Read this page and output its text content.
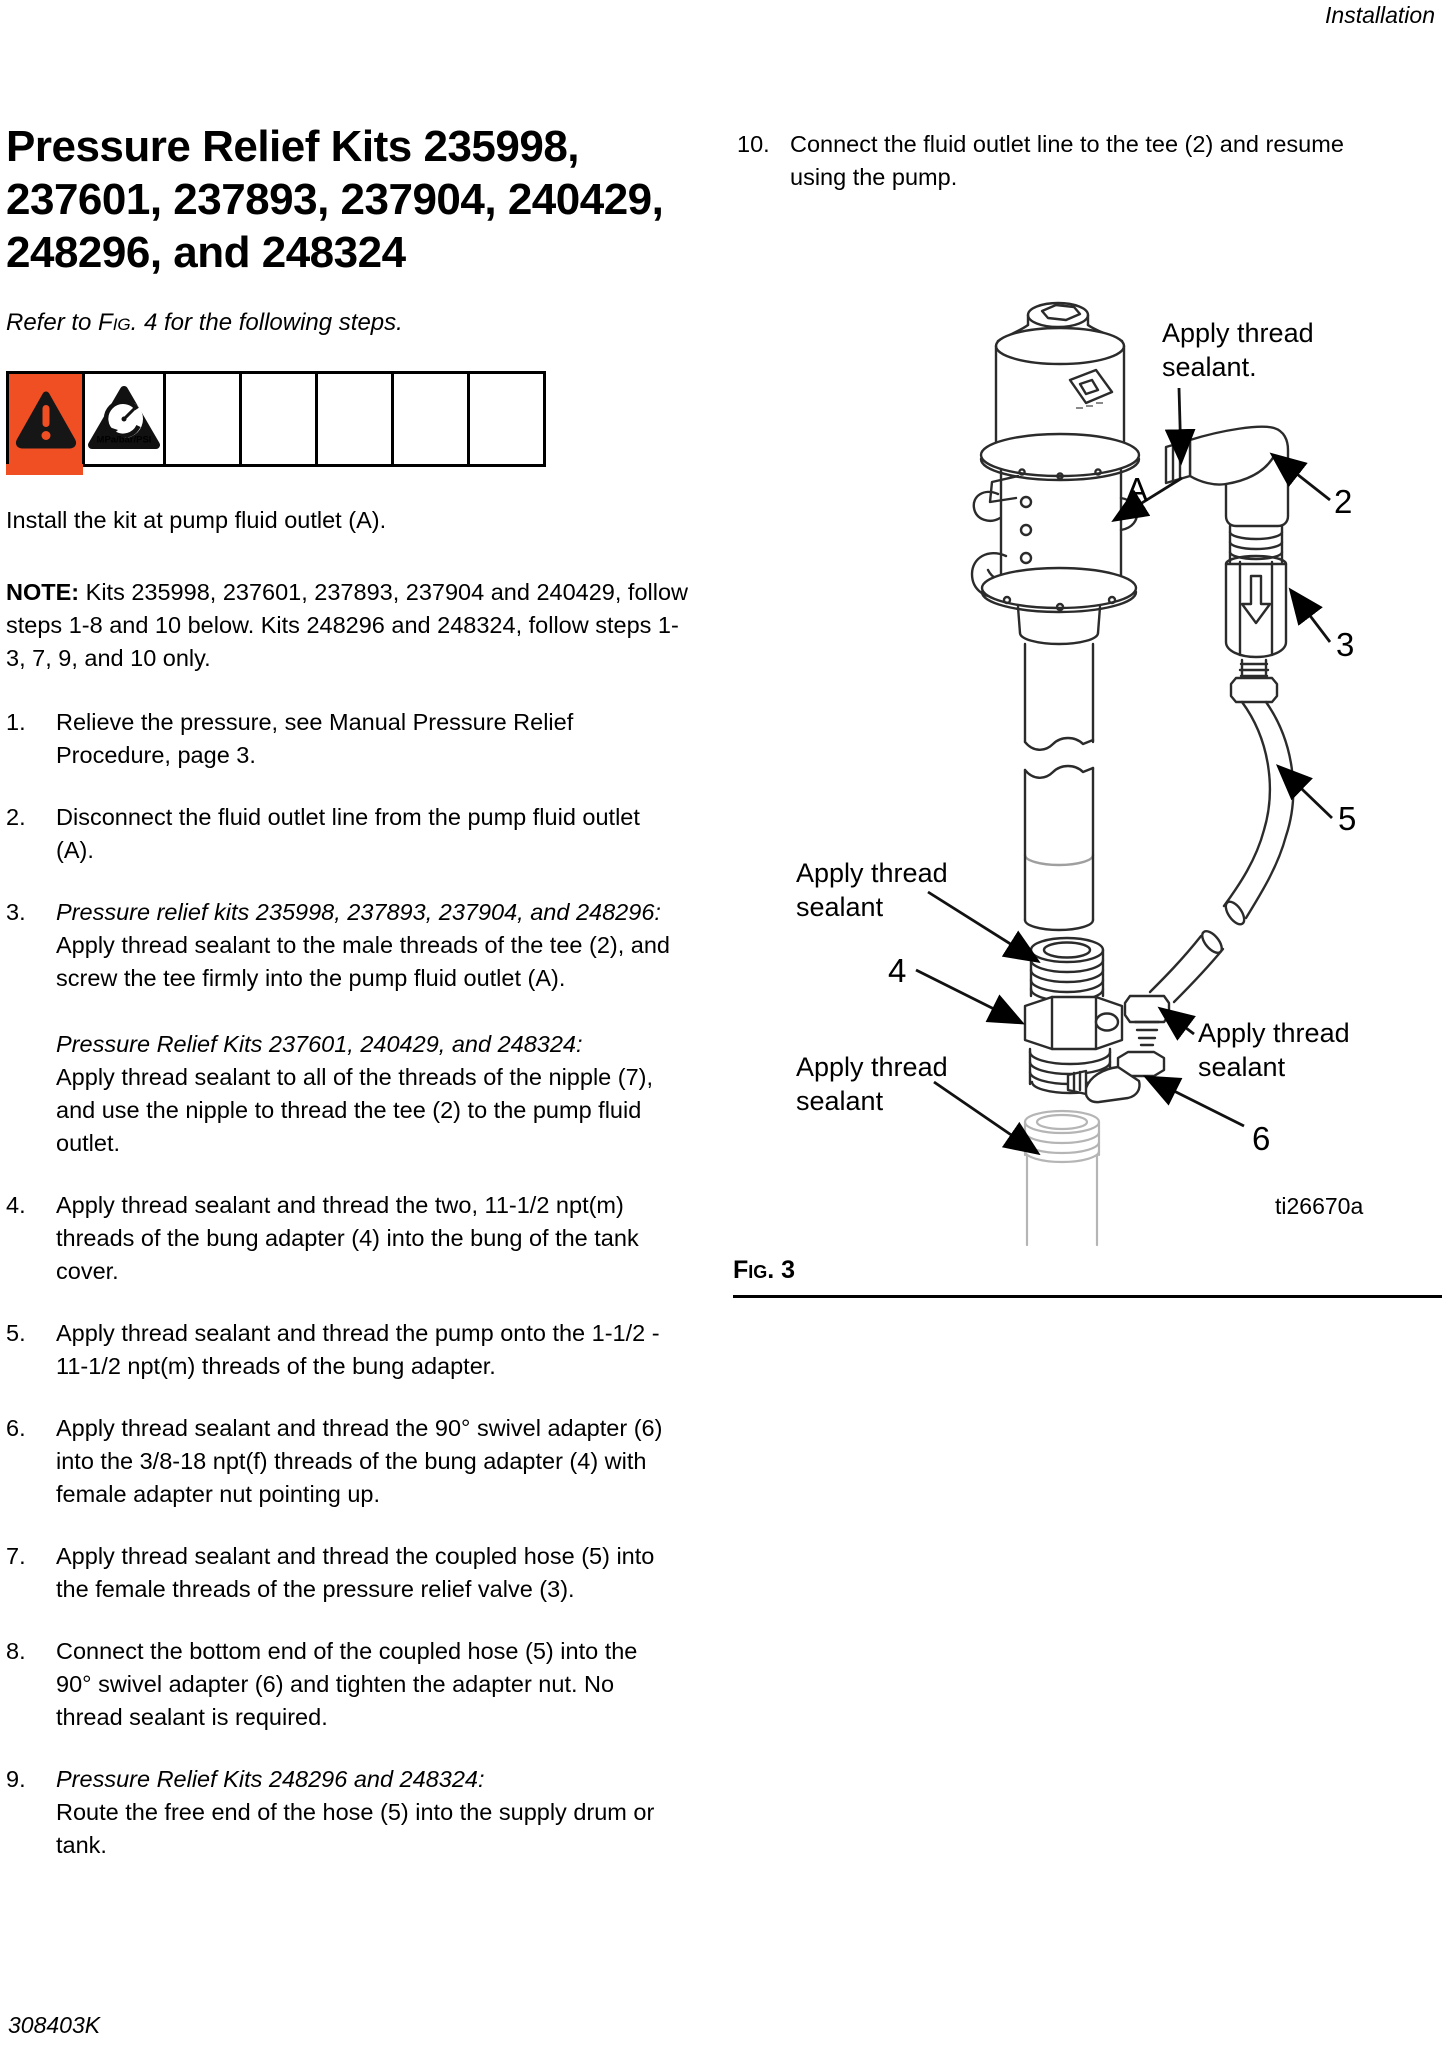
Installation
Pressure Relief Kits 235998,
237601, 237893, 237904, 240429,
248296, and 248324
Refer to Fig. 4 for the following steps.
MPa/bar/PSI
Install the kit at pump fluid outlet (A).
NOTE: Kits 235998, 237601, 237893, 237904 and 240429, follow steps 1-8 and 10 below. Kits 248296 and 248324, follow steps 1-3, 7, 9, and 10 only.
1.	Relieve the pressure, see Manual Pressure Relief Procedure, page 3.

2.	Disconnect the fluid outlet line from the pump fluid outlet (A).

3.	Pressure relief kits 235998, 237893, 237904, and 248296:
Apply thread sealant to the male threads of the tee (2), and screw the tee firmly into the pump fluid outlet (A).

Pressure Relief Kits 237601, 240429, and 248324:
Apply thread sealant to all of the threads of the nipple (7), and use the nipple to thread the tee (2) to the pump fluid outlet.

4.	Apply thread sealant and thread the two, 11-1/2 npt(m) threads of the bung adapter (4) into the bung of the tank cover.

5.	Apply thread sealant and thread the pump onto the 1-1/2 - 11-1/2 npt(m) threads of the bung adapter.

6.	Apply thread sealant and thread the 90° swivel adapter (6) into the 3/8-18 npt(f) threads of the bung adapter (4) with female adapter nut pointing up.

7.	Apply thread sealant and thread the coupled hose (5) into the female threads of the pressure relief valve (3).

8.	Connect the bottom end of the coupled hose (5) into the 90° swivel adapter (6) and tighten the adapter nut. No thread sealant is required.

9.	Pressure Relief Kits 248296 and 248324:
Route the free end of the hose (5) into the supply drum or tank.

10. Connect the fluid outlet line to the tee (2) and resume using the pump.

Apply thread
sealant.
A	2
3
5
Apply thread
sealant
4
Apply thread
sealant
Apply thread
sealant
6
ti26670a
Fig. 3
308403K
